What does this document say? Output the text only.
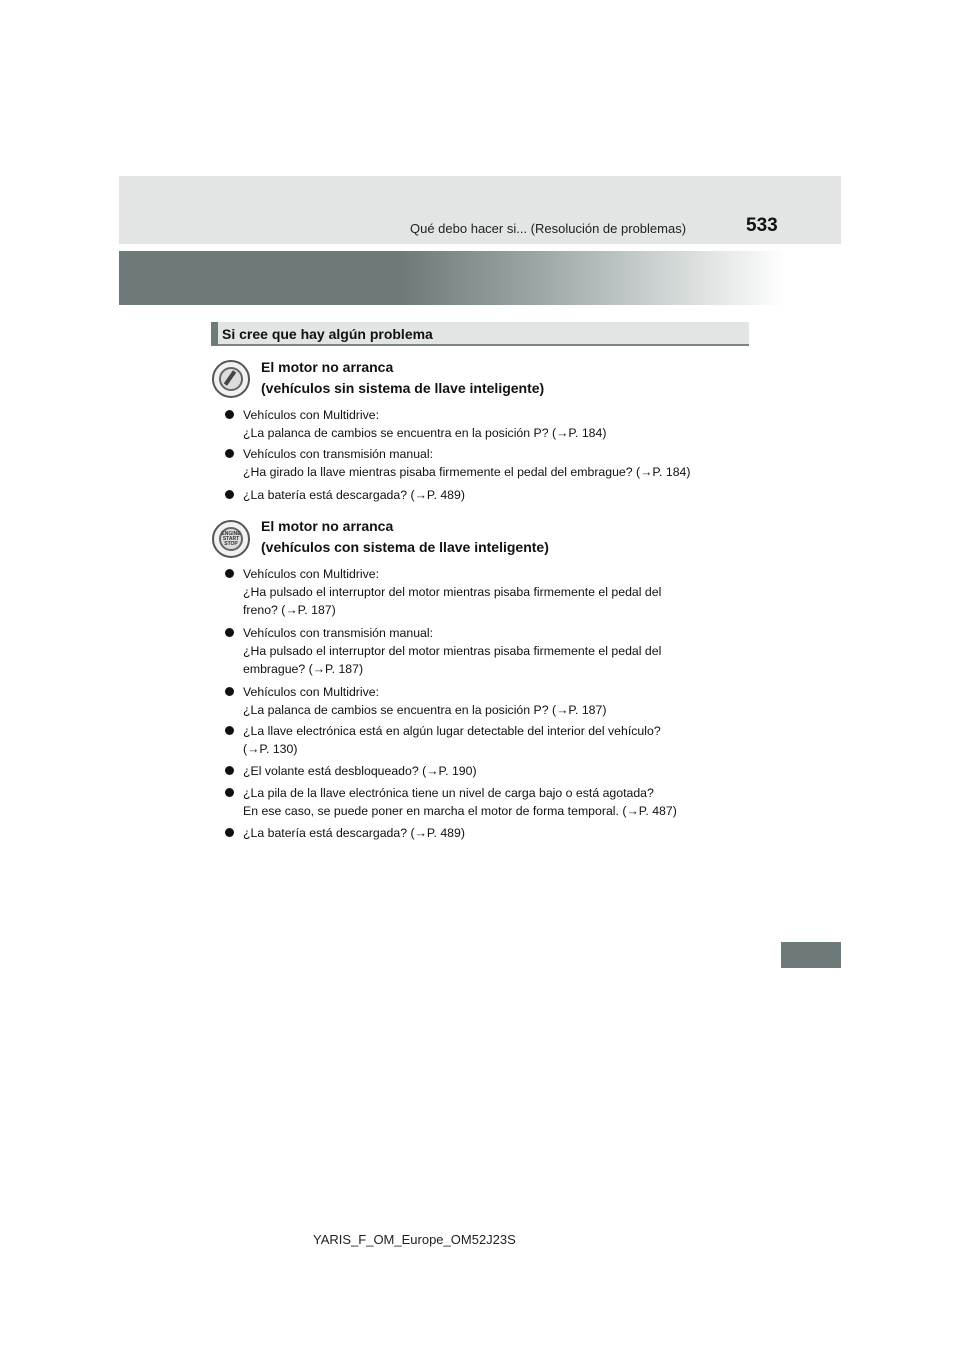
Qué debo hacer si... (Resolución de problemas)	533
Si cree que hay algún problema
El motor no arranca
(vehículos sin sistema de llave inteligente)
Vehículos con Multidrive:
¿La palanca de cambios se encuentra en la posición P? (→P. 184)
Vehículos con transmisión manual:
¿Ha girado la llave mientras pisaba firmemente el pedal del embrague? (→P. 184)
¿La batería está descargada? (→P. 489)
ENGINE
START
STOP
El motor no arranca
(vehículos con sistema de llave inteligente)
Vehículos con Multidrive:
¿Ha pulsado el interruptor del motor mientras pisaba firmemente el pedal del
freno? (→P. 187)
Vehículos con transmisión manual:
¿Ha pulsado el interruptor del motor mientras pisaba firmemente el pedal del
embrague? (→P. 187)
Vehículos con Multidrive:
¿La palanca de cambios se encuentra en la posición P? (→P. 187)
¿La llave electrónica está en algún lugar detectable del interior del vehículo?
(→P. 130)
¿El volante está desbloqueado? (→P. 190)
¿La pila de la llave electrónica tiene un nivel de carga bajo o está agotada?
En ese caso, se puede poner en marcha el motor de forma temporal. (→P. 487)
¿La batería está descargada? (→P. 489)
YARIS_F_OM_Europe_OM52J23S
